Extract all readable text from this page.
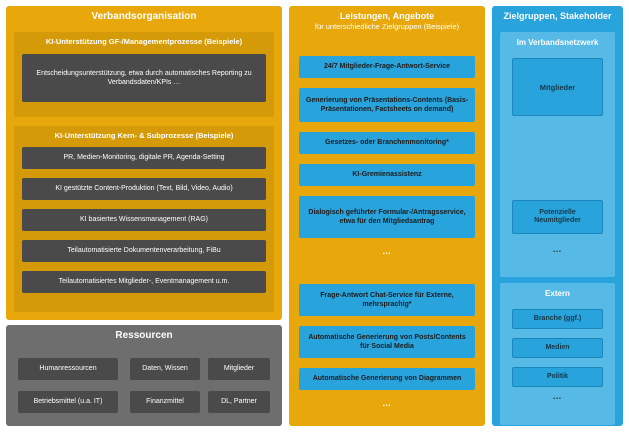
Verbandsorganisation
KI-Unterstützung GF-/Managementprozesse (Beispiele)
Entscheidungsunterstützung, etwa durch automatisches Reporting zu Verbandsdaten/KPIs …
KI-Unterstützung Kern- & Subprozesse (Beispiele)
PR, Medien-Monitoring, digitale PR, Agenda-Setting
KI gestützte Content-Produktion (Text, Bild, Video, Audio)
KI basiertes Wissensmanagement (RAG)
Teilautomatisierte Dokumentenverarbeitung, FiBu
Teilautomatisiertes Mitglieder-, Eventmanagement u.m.
Ressourcen
Humanressourcen	Daten, Wissen	Mitglieder
Betriebsmittel (u.a. IT)	Finanzmittel	DL, Partner
Leistungen, Angebote
für unterschiedliche Zielgruppen (Beispiele)
24/7 Mitglieder-Frage-Antwort-Service
Generierung von Präsentations-Contents (Basis-Präsentationen, Factsheets on demand)
Gesetzes- oder Branchenmonitoring*
KI-Gremienassistenz
Dialogisch geführter Formular-/Antragsservice, etwa für den Mitgliedsantrag
…
Frage-Antwort Chat-Service für Externe, mehrsprachig*
Automatische Generierung von Posts/Contents für Social Media
Automatische Generierung von Diagrammen
…
Zielgruppen, Stakeholder
Im Verbandsnetzwerk
Mitglieder
Potenzielle Neumitglieder
…
Extern
Branche (ggf.)
Medien
Politik
…
